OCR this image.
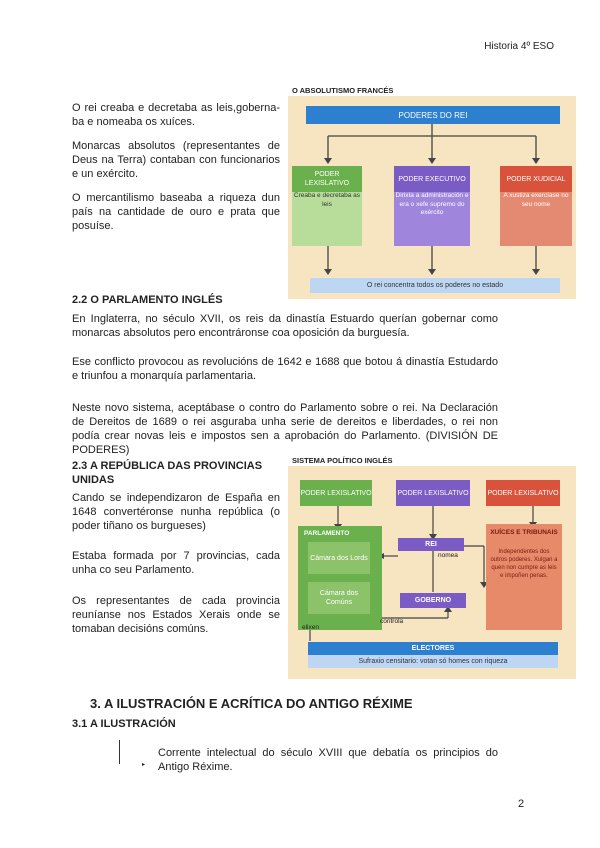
Historia 4º ESO

O rei creaba e decretaba as leis,goberna-ba e nomeaba os xuíces.

Monarcas absolutos (representantes de Deus na Terra) contaban con funcionarios e un exército.

O mercantilismo baseaba a riqueza dun país na cantidade de ouro e prata que posuíse.

O ABSOLUTISMO FRANCÉS
PODERES DO REI
PODER LEXISLATIVO
Creaba e decretaba as leis
PODER EXECUTIVO
Dirixía a administración e era o xefe supremo do exército
PODER XUDICIAL
A xustiza exercíase no seu nome
O rei concentra todos os poderes no estado

2.2 O PARLAMENTO INGLÉS

En Inglaterra, no século XVII, os reis da dinastía Estuardo querían gobernar como monarcas absolutos pero encontráronse coa oposición da burguesía.

Ese conflicto provocou as revolucións de 1642 e 1688 que botou á dinastía Estudardo e triunfou a monarquía parlamentaria.

Neste novo sistema, aceptábase o contro do Parlamento sobre o rei. Na Declaración de Dereitos de 1689 o rei asguraba unha serie de dereitos e liberdades, o rei non podía crear novas leis e impostos sen a aprobación do Parlamento. (DIVISIÓN DE PODERES)

2.3 A REPÚBLICA DAS PROVINCIAS UNIDAS

Cando se independizaron de España en 1648 convertéronse nunha república (o poder tiñano os burgueses)

Estaba formada por 7 provincias, cada unha co seu Parlamento.

Os representantes de cada provincia reuníanse nos Estados Xerais onde se tomaban decisións comúns.

SISTEMA POLÍTICO INGLÉS
PODER LEXISLATIVO	PODER LEXISLATIVO	PODER LEXISLATIVO
PARLAMENTO
Cámara dos Lords
Cámara dos Comúns
REI
nomea
GOBERNO
controla
elixen
XUÍCES E TRIBUNAIS
Independentes dos outros poderes. Xulgan a quen non cumpre as leis e impoñen penas.
ELECTORES
Sufraxio censitario: votan só homes con riqueza

3. A ILUSTRACIÓN E ACRÍTICA DO ANTIGO RÉXIME

3.1 A ILUSTRACIÓN

▸

Corrente intelectual do século XVIII que debatía os principios do Antigo Réxime.

2
